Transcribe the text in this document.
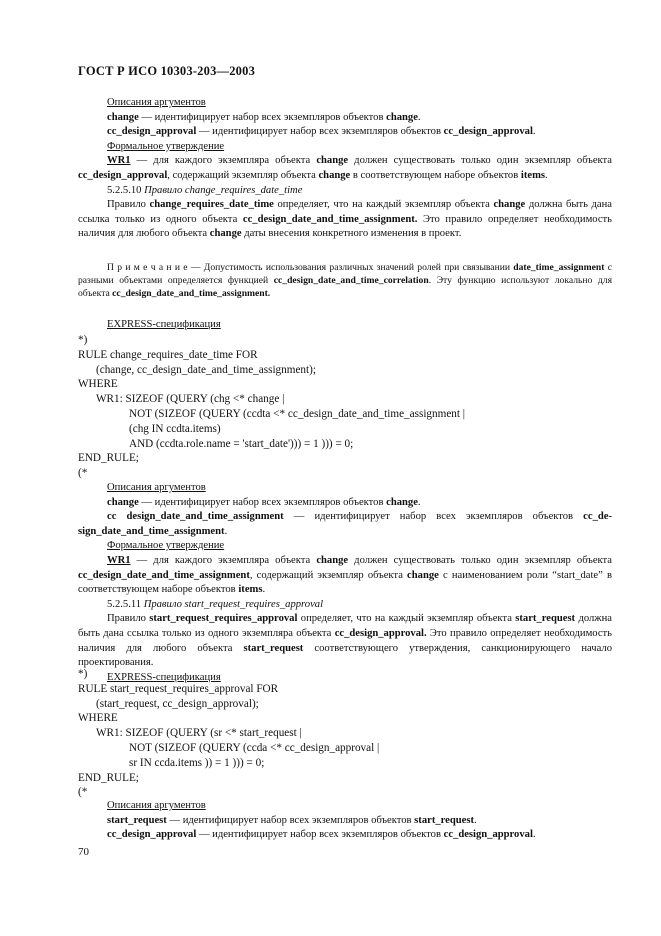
ГОСТ Р ИСО 10303-203—2003

Описания аргументов

change — идентифицирует набор всех экземпляров объектов change.

cc_design_approval — идентифицирует набор всех экземпляров объектов cc_design_approval.

Формальное утверждение

WR1 — для каждого экземпляра объекта change должен существовать только один экземпляр объекта cc_design_approval, содержащий экземпляр объекта change в соответствующем наборе объектов items.

5.2.5.10 Правило change_requires_date_time

Правило change_requires_date_time определяет, что на каждый экземпляр объекта change должна быть дана ссылка только из одного объекта cc_design_date_and_time_assignment. Это правило определяет необходимость наличия для любого объекта change даты внесения конкретного изменения в проект.

П р и м е ч а н и е — Допустимость использования различных значений ролей при связывании date_time_assignment с разными объектами определяется функцией cc_design_date_and_time_correlation. Эту функцию используют локально для объекта cc_design_date_and_time_assignment.

EXPRESS-спецификация

*)
RULE change_requires_date_time FOR
(change, cc_design_date_and_time_assignment);
WHERE
WR1: SIZEOF (QUERY (chg <* change |
NOT (SIZEOF (QUERY (ccdta <* cc_design_date_and_time_assignment |
(chg IN ccdta.items)
AND (ccdta.role.name = 'start_date'))) = 1 ))) = 0;
END_RULE;
(*

Описания аргументов

change — идентифицирует набор всех экземпляров объектов change.

cc design_date_and_time_assignment — идентифицирует набор всех экземпляров объектов cc_design_date_and_time_assignment.

Формальное утверждение

WR1 — для каждого экземпляра объекта change должен существовать только один экземпляр объекта cc_design_date_and_time_assignment, содержащий экземпляр объекта change с наименованием роли “start_date” в соответствующем наборе объектов items.

5.2.5.11 Правило start_request_requires_approval

Правило start_request_requires_approval определяет, что на каждый экземпляр объекта start_request должна быть дана ссылка только из одного экземпляра объекта cc_design_approval. Это правило определяет необходимость наличия для любого объекта start_request соответствующего утверждения, санкционирующего начало проектирования.

EXPRESS-спецификация

*)
RULE start_request_requires_approval FOR
(start_request, cc_design_approval);
WHERE
WR1: SIZEOF (QUERY (sr <* start_request |
NOT (SIZEOF (QUERY (ccda <* cc_design_approval |
sr IN ccda.items )) = 1 ))) = 0;
END_RULE;
(*

Описания аргументов

start_request — идентифицирует набор всех экземпляров объектов start_request.

cc_design_approval — идентифицирует набор всех экземпляров объектов cc_design_approval.

70
